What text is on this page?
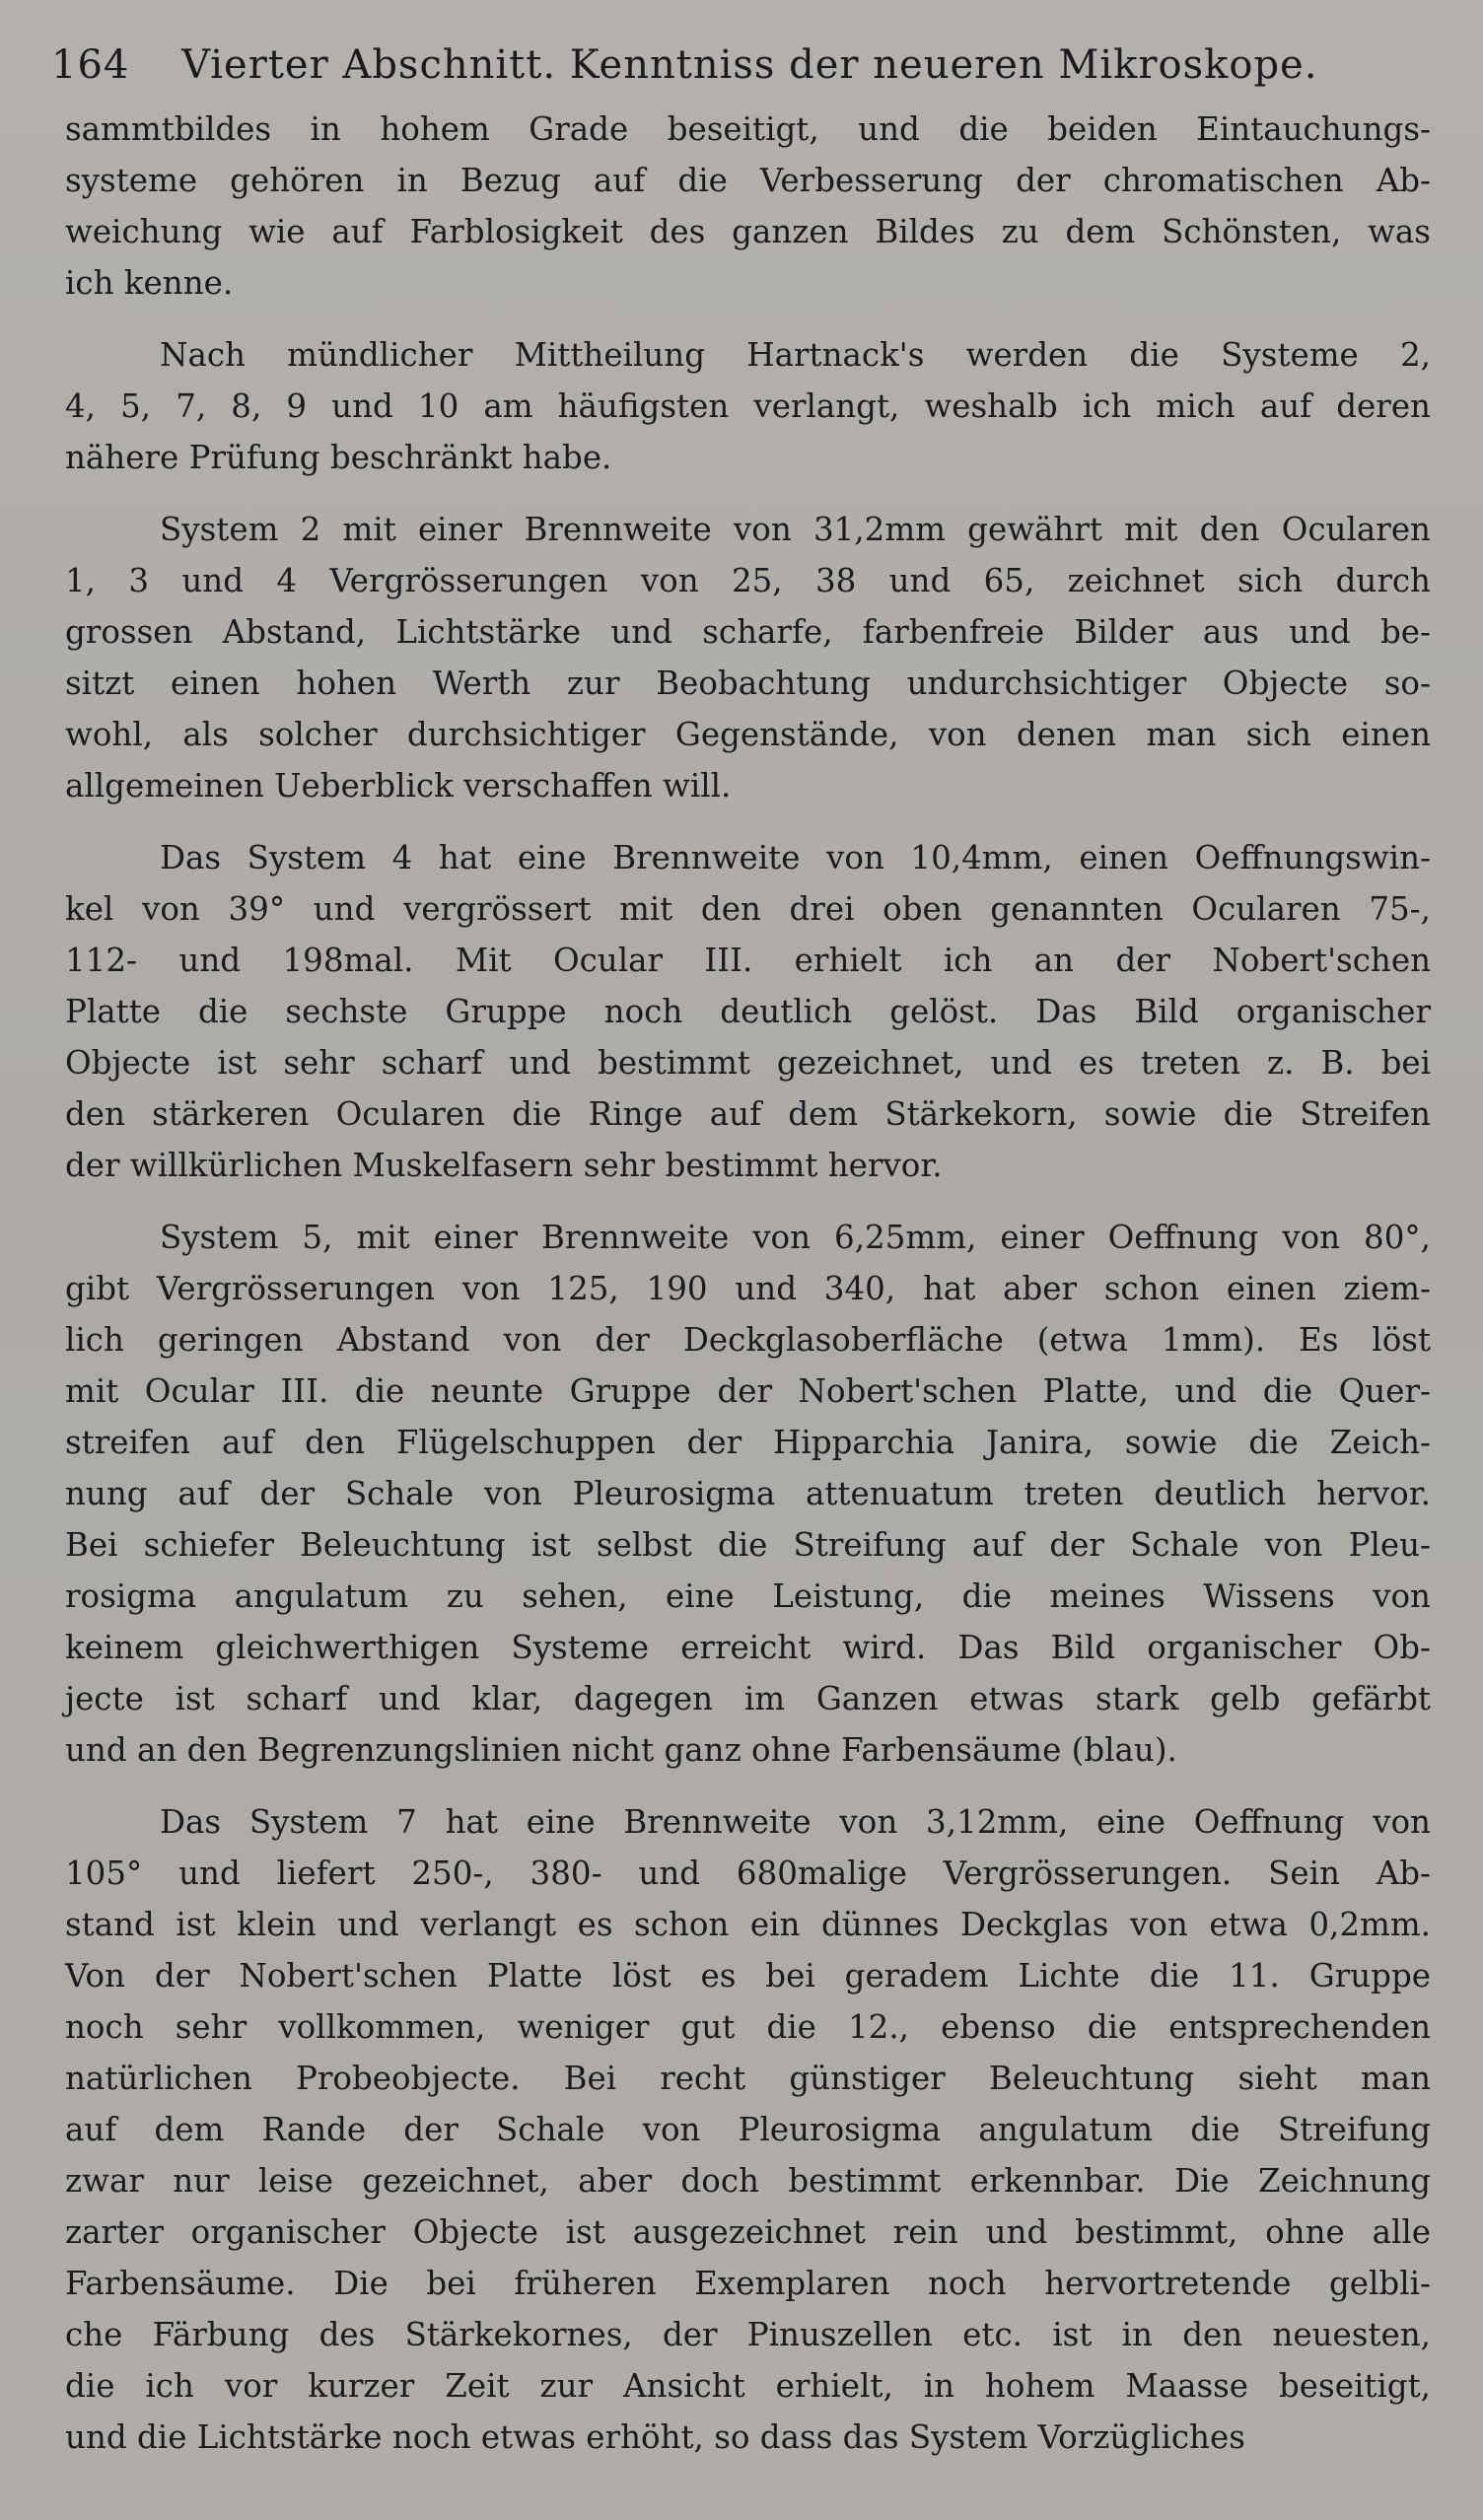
164 Vierter Abschnitt. Kenntniss der neueren Mikroskope.
sammtbildes in hohem Grade beseitigt, und die beiden Eintauchungs-
systeme gehören in Bezug auf die Verbesserung der chromatischen Ab-
weichung wie auf Farblosigkeit des ganzen Bildes zu dem Schönsten, was
ich kenne.
Nach mündlicher Mittheilung Hartnack's werden die Systeme 2,
4, 5, 7, 8, 9 und 10 am häufigsten verlangt, weshalb ich mich auf deren
nähere Prüfung beschränkt habe.
System 2 mit einer Brennweite von 31,2mm gewährt mit den Ocularen
1, 3 und 4 Vergrösserungen von 25, 38 und 65, zeichnet sich durch
grossen Abstand, Lichtstärke und scharfe, farbenfreie Bilder aus und be-
sitzt einen hohen Werth zur Beobachtung undurchsichtiger Objecte so-
wohl, als solcher durchsichtiger Gegenstände, von denen man sich einen
allgemeinen Ueberblick verschaffen will.
Das System 4 hat eine Brennweite von 10,4mm, einen Oeffnungswin-
kel von 39° und vergrössert mit den drei oben genannten Ocularen 75-,
112- und 198mal. Mit Ocular III. erhielt ich an der Nobert'schen
Platte die sechste Gruppe noch deutlich gelöst. Das Bild organischer
Objecte ist sehr scharf und bestimmt gezeichnet, und es treten z. B. bei
den stärkeren Ocularen die Ringe auf dem Stärkekorn, sowie die Streifen
der willkürlichen Muskelfasern sehr bestimmt hervor.
System 5, mit einer Brennweite von 6,25mm, einer Oeffnung von 80°,
gibt Vergrösserungen von 125, 190 und 340, hat aber schon einen ziem-
lich geringen Abstand von der Deckglasoberfläche (etwa 1mm). Es löst
mit Ocular III. die neunte Gruppe der Nobert'schen Platte, und die Quer-
streifen auf den Flügelschuppen der Hipparchia Janira, sowie die Zeich-
nung auf der Schale von Pleurosigma attenuatum treten deutlich hervor.
Bei schiefer Beleuchtung ist selbst die Streifung auf der Schale von Pleu-
rosigma angulatum zu sehen, eine Leistung, die meines Wissens von
keinem gleichwerthigen Systeme erreicht wird. Das Bild organischer Ob-
jecte ist scharf und klar, dagegen im Ganzen etwas stark gelb gefärbt
und an den Begrenzungslinien nicht ganz ohne Farbensäume (blau).
Das System 7 hat eine Brennweite von 3,12mm, eine Oeffnung von
105° und liefert 250-, 380- und 680malige Vergrösserungen. Sein Ab-
stand ist klein und verlangt es schon ein dünnes Deckglas von etwa 0,2mm.
Von der Nobert'schen Platte löst es bei geradem Lichte die 11. Gruppe
noch sehr vollkommen, weniger gut die 12., ebenso die entsprechenden
natürlichen Probeobjecte. Bei recht günstiger Beleuchtung sieht man
auf dem Rande der Schale von Pleurosigma angulatum die Streifung
zwar nur leise gezeichnet, aber doch bestimmt erkennbar. Die Zeichnung
zarter organischer Objecte ist ausgezeichnet rein und bestimmt, ohne alle
Farbensäume. Die bei früheren Exemplaren noch hervortretende gelbli-
che Färbung des Stärkekornes, der Pinuszellen etc. ist in den neuesten,
die ich vor kurzer Zeit zur Ansicht erhielt, in hohem Maasse beseitigt,
und die Lichtstärke noch etwas erhöht, so dass das System Vorzügliches
